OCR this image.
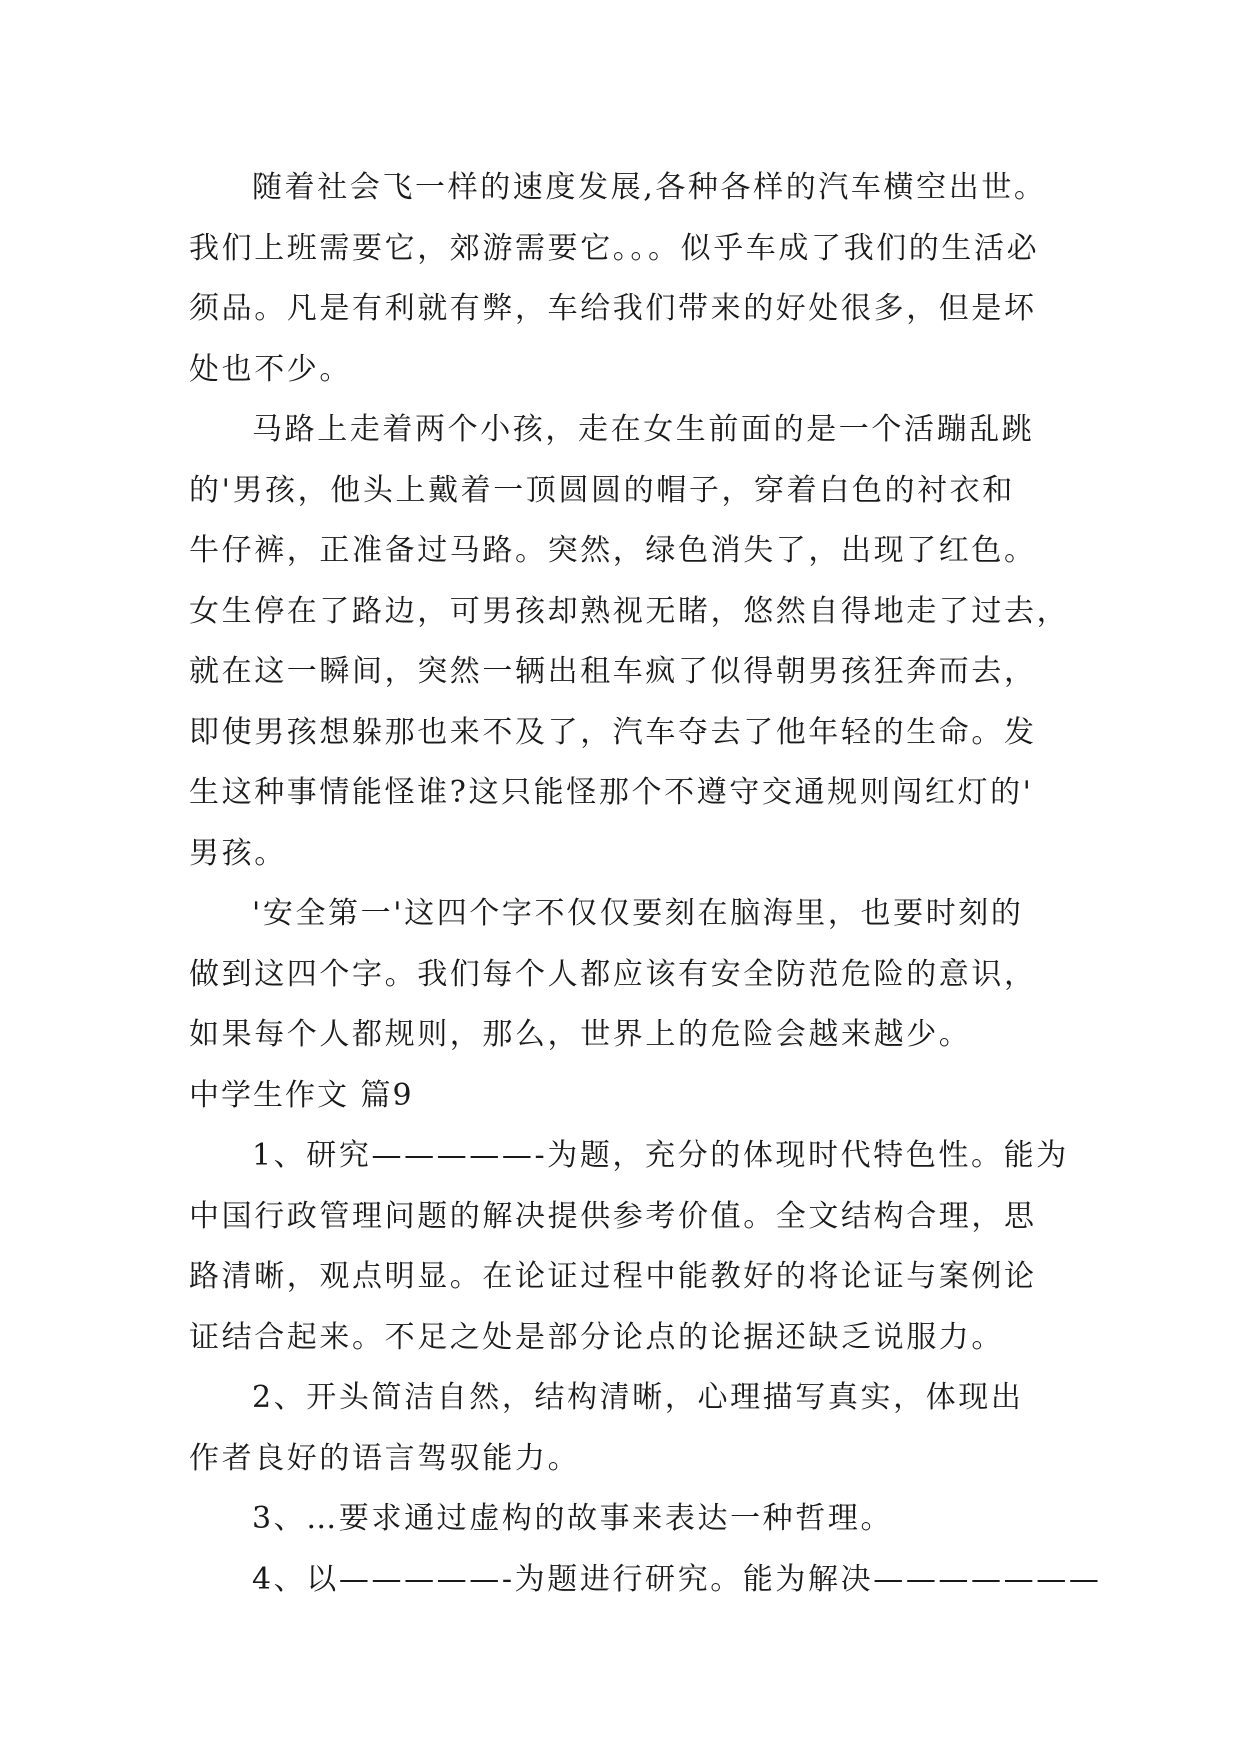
随着社会飞一样的速度发展,各种各样的汽车横空出世。
我们上班需要它，郊游需要它。。。似乎车成了我们的生活必
须品。凡是有利就有弊，车给我们带来的好处很多，但是坏
处也不少。
马路上走着两个小孩，走在女生前面的是一个活蹦乱跳
的'男孩，他头上戴着一顶圆圆的帽子，穿着白色的衬衣和
牛仔裤，正准备过马路。突然，绿色消失了，出现了红色。
女生停在了路边，可男孩却熟视无睹，悠然自得地走了过去，
就在这一瞬间，突然一辆出租车疯了似得朝男孩狂奔而去，
即使男孩想躲那也来不及了，汽车夺去了他年轻的生命。发
生这种事情能怪谁?这只能怪那个不遵守交通规则闯红灯的'
男孩。
'安全第一'这四个字不仅仅要刻在脑海里，也要时刻的
做到这四个字。我们每个人都应该有安全防范危险的意识，
如果每个人都规则，那么，世界上的危险会越来越少。
中学生作文 篇9
1、研究—————-为题，充分的体现时代特色性。能为
中国行政管理问题的解决提供参考价值。全文结构合理，思
路清晰，观点明显。在论证过程中能教好的将论证与案例论
证结合起来。不足之处是部分论点的论据还缺乏说服力。
2、开头简洁自然，结构清晰，心理描写真实，体现出
作者良好的语言驾驭能力。
3、…要求通过虚构的故事来表达一种哲理。
4、以—————-为题进行研究。能为解决———————
